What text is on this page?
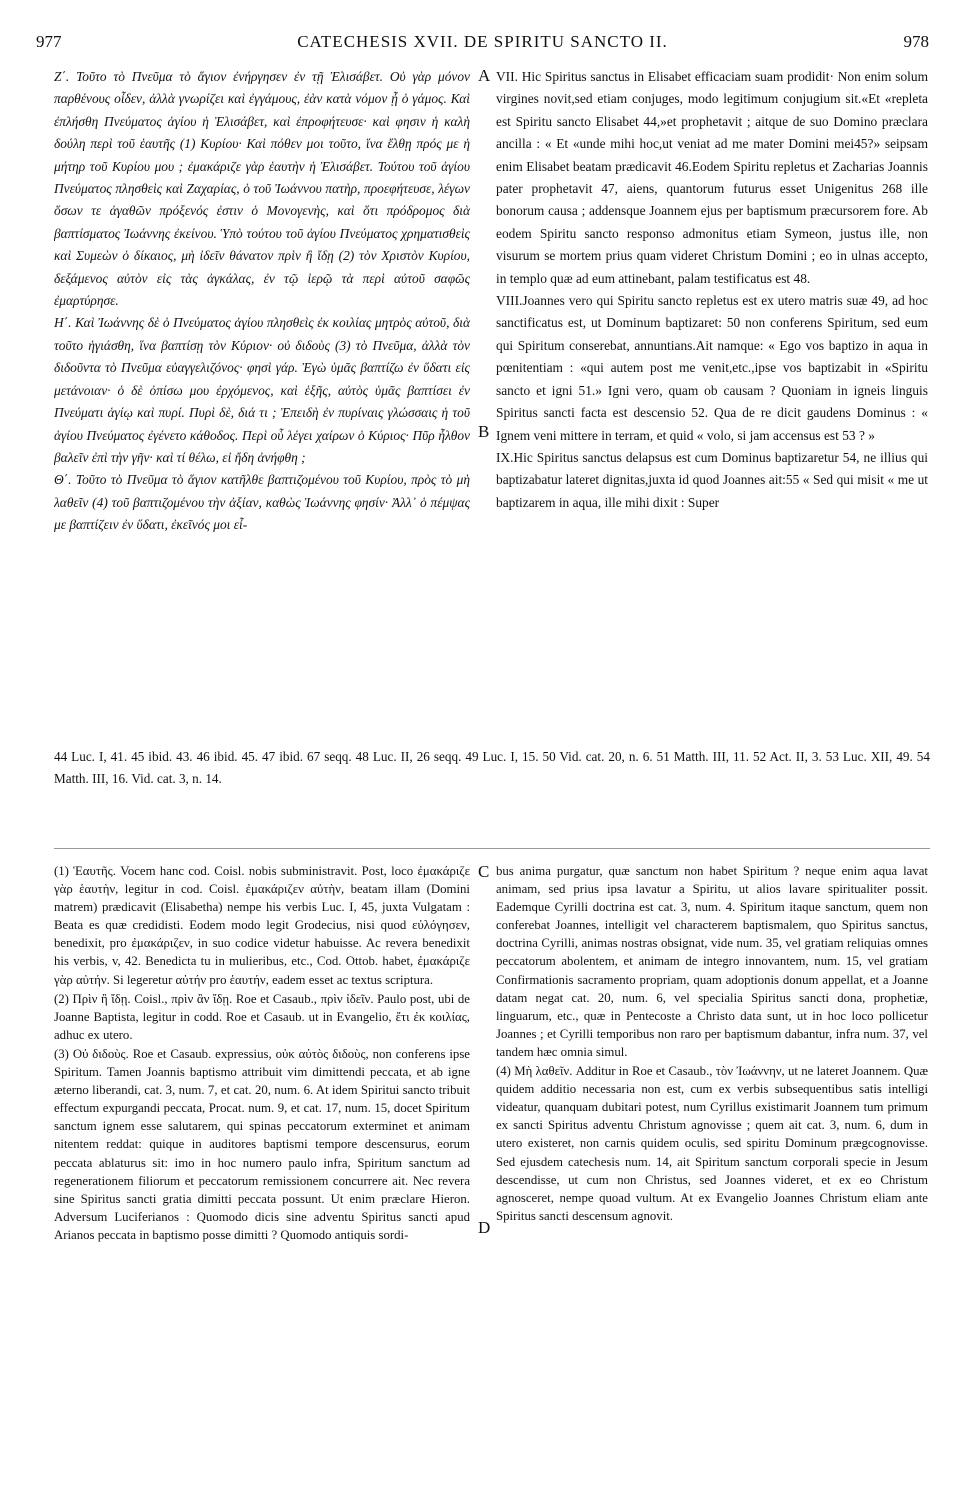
977	CATECHESIS XVII. DE SPIRITU SANCTO II.	978
A
B
C
D

Ζ΄. Τοῦτο τὸ Πνεῦμα τὸ ἅγιον ἐνήργησεν ἐν τῇ Ἐλισάβετ. Οὐ γὰρ μόνον παρθένους οἶδεν, ἀλλὰ γνωρίζει καὶ ἐγγάμους, ἐὰν κατὰ νόμον ᾖ ὁ γάμος. Καὶ ἐπλήσθη Πνεύματος ἁγίου ἡ Ἐλισάβετ, καὶ ἐπροφήτευσε· καὶ φησιν ἡ καλὴ δούλη περὶ τοῦ ἑαυτῆς (1) Κυρίου· Καὶ πόθεν μοι τοῦτο, ἵνα ἔλθῃ πρός με ἡ μήτηρ τοῦ Κυρίου μου ; ἐμακάριζε γὰρ ἑαυτὴν ἡ Ἐλισάβετ. Τούτου τοῦ ἁγίου Πνεύματος πλησθεὶς καὶ Ζαχαρίας, ὁ τοῦ Ἰωάννου πατὴρ, προεφήτευσε, λέγων ὅσων τε ἀγαθῶν πρόξενός ἐστιν ὁ Μονογενὴς, καὶ ὅτι πρόδρομος διὰ βαπτίσματος Ἰωάννης ἐκείνου. Ὑπὸ τούτου τοῦ ἁγίου Πνεύματος χρηματισθεὶς καὶ Συμεὼν ὁ δίκαιος, μὴ ἰδεῖν θάνατον πρὶν ἢ ἴδῃ (2) τὸν Χριστὸν Κυρίου, δεξάμενος αὐτὸν εἰς τὰς ἀγκάλας, ἐν τῷ ἱερῷ τὰ περὶ αὐτοῦ σαφῶς ἐμαρτύρησε.

Η΄. Καὶ Ἰωάννης δὲ ὁ Πνεύματος ἁγίου πλησθεὶς ἐκ κοιλίας μητρὸς αὐτοῦ, διὰ τοῦτο ἡγιάσθη, ἵνα βαπτίσῃ τὸν Κύριον· οὐ διδοὺς (3) τὸ Πνεῦμα, ἀλλὰ τὸν διδοῦντα τὸ Πνεῦμα εὐαγγελιζόνος· φησὶ γάρ. Ἐγὼ ὑμᾶς βαπτίζω ἐν ὕδατι εἰς μετάνοιαν· ὁ δὲ ὀπίσω μου ἐρχόμενος, καὶ ἑξῆς, αὐτὸς ὑμᾶς βαπτίσει ἐν Πνεύματι ἁγίῳ καὶ πυρί. Πυρὶ δὲ, διά τι ; Ἐπειδὴ ἐν πυρίναις γλώσσαις ἡ τοῦ ἁγίου Πνεύματος ἐγένετο κάθοδος. Περὶ οὗ λέγει χαίρων ὁ Κύριος· Πῦρ ἦλθον βαλεῖν ἐπὶ τὴν γῆν· καὶ τί θέλω, εἰ ἤδη ἀνήφθη ;

Θ΄. Τοῦτο τὸ Πνεῦμα τὸ ἅγιον κατῆλθε βαπτιζομένου τοῦ Κυρίου, πρὸς τὸ μὴ λαθεῖν (4) τοῦ βαπτιζομένου τὴν ἀξίαν, καθὼς Ἰωάννης φησίν· Ἀλλ᾿ ὁ πέμψας με βαπτίζειν ἐν ὕδατι, ἐκεῖνός μοι εἶ-

VII. Hic Spiritus sanctus in Elisabet efficaciam suam prodidit· Non enim solum virgines novit,sed etiam conjuges, modo legitimum conjugium sit.«Et «repleta est Spiritu sancto Elisabet 44,»et prophetavit ; aitque de suo Domino præclara ancilla : « Et «unde mihi hoc,ut veniat ad me mater Domini mei45?» seipsam enim Elisabet beatam prædicavit 46.Eodem Spiritu repletus et Zacharias Joannis pater prophetavit 47, aiens, quantorum futurus esset Unigenitus 268 ille bonorum causa ; addensque Joannem ejus per baptismum præcursorem fore. Ab eodem Spiritu sancto responso admonitus etiam Symeon, justus ille, non visurum se mortem prius quam videret Christum Domini ; eo in ulnas accepto, in templo quæ ad eum attinebant, palam testificatus est 48.

VIII.Joannes vero qui Spiritu sancto repletus est ex utero matris suæ 49, ad hoc sanctificatus est, ut Dominum baptizaret: 50 non conferens Spiritum, sed eum qui Spiritum conserebat, annuntians.Ait namque: « Ego vos baptizo in aqua in pœnitentiam : «qui autem post me venit,etc.,ipse vos baptizabit in «Spiritu sancto et igni 51.» Igni vero, quam ob causam ? Quoniam in igneis linguis Spiritus sancti facta est descensio 52. Qua de re dicit gaudens Dominus : « Ignem veni mittere in terram, et quid « volo, si jam accensus est 53 ? »

IX.Hic Spiritus sanctus delapsus est cum Dominus baptizaretur 54, ne illius qui baptizabatur lateret dignitas,juxta id quod Joannes ait:55 « Sed qui misit « me ut baptizarem in aqua, ille mihi dixit : Super

44 Luc. I, 41. 45 ibid. 43. 46 ibid. 45. 47 ibid. 67 seqq. 48 Luc. II, 26 seqq. 49 Luc. I, 15. 50 Vid. cat. 20, n. 6. 51 Matth. III, 11. 52 Act. II, 3. 53 Luc. XII, 49. 54 Matth. III, 16. Vid. cat. 3, n. 14.

(1) Ἑαυτῆς. Vocem hanc cod. Coisl. nobis subministravit. Post, loco ἐμακάριζε γὰρ ἑαυτὴν, legitur in cod. Coisl. ἐμακάριζεν αὐτὴν, beatam illam (Domini matrem) prædicavit (Elisabetha) nempe his verbis Luc. I, 45, juxta Vulgatam : Beata es quæ credidisti. Eodem modo legit Grodecius, nisi quod εὐλόγησεν, benedixit, pro ἐμακάριζεν, in suo codice videtur habuisse. Ac revera benedixit his verbis, v, 42. Benedicta tu in mulieribus, etc., Cod. Ottob. habet, ἐμακάριζε γὰρ αὐτήν. Si legeretur αὐτήν pro ἑαυτήν, eadem esset ac textus scriptura.

(2) Πρὶν ἢ ἴδῃ. Coisl., πρὶν ἂν ἴδῃ. Roe et Casaub., πρὶν ἰδεῖν. Paulo post, ubi de Joanne Baptista, legitur in codd. Roe et Casaub. ut in Evangelio, ἔτι ἐκ κοιλίας, adhuc ex utero.

(3) Οὐ διδοὺς. Roe et Casaub. expressius, οὐκ αὐτὸς διδοὺς, non conferens ipse Spiritum. Tamen Joannis baptismo attribuit vim dimittendi peccata, et ab igne æterno liberandi, cat. 3, num. 7, et cat. 20, num. 6. At idem Spiritui sancto tribuit effectum expurgandi peccata, Procat. num. 9, et cat. 17, num. 15, docet Spiritum sanctum ignem esse salutarem, qui spinas peccatorum exterminet et animam nitentem reddat: quique in auditores baptismi tempore descensurus, eorum peccata ablaturus sit: imo in hoc numero paulo infra, Spiritum sanctum ad regenerationem filiorum et peccatorum remissionem concurrere ait. Nec revera sine Spiritus sancti gratia dimitti peccata possunt. Ut enim præclare Hieron. Adversum Luciferianos : Quomodo dicis sine adventu Spiritus sancti apud Arianos peccata in baptismo posse dimitti ? Quomodo antiquis sordi-

bus anima purgatur, quæ sanctum non habet Spiritum ? neque enim aqua lavat animam, sed prius ipsa lavatur a Spiritu, ut alios lavare spiritualiter possit. Eademque Cyrilli doctrina est cat. 3, num. 4. Spiritum itaque sanctum, quem non conferebat Joannes, intelligit vel characterem baptismalem, quo Spiritus sanctus, doctrina Cyrilli, animas nostras obsignat, vide num. 35, vel gratiam reliquias omnes peccatorum abolentem, et animam de integro innovantem, num. 15, vel gratiam Confirmationis sacramento propriam, quam adoptionis donum appellat, et a Joanne datam negat cat. 20, num. 6, vel specialia Spiritus sancti dona, prophetiæ, linguarum, etc., quæ in Pentecoste a Christo data sunt, ut in hoc loco pollicetur Joannes ; et Cyrilli temporibus non raro per baptismum dabantur, infra num. 37, vel tandem hæc omnia simul.

(4) Μὴ λαθεῖν. Additur in Roe et Casaub., τὸν Ἰωάννην, ut ne lateret Joannem. Quæ quidem additio necessaria non est, cum ex verbis subsequentibus satis intelligi videatur, quanquam dubitari potest, num Cyrillus existimarit Joannem tum primum ex sancti Spiritus adventu Christum agnovisse ; quem ait cat. 3, num. 6, dum in utero existeret, non carnis quidem oculis, sed spiritu Dominum prægcognovisse. Sed ejusdem catechesis num. 14, ait Spiritum sanctum corporali specie in Jesum descendisse, ut cum non Christus, sed Joannes videret, et ex eo Christum agnosceret, nempe quoad vultum. At ex Evangelio Joannes Christum eliam ante Spiritus sancti descensum agnovit.
